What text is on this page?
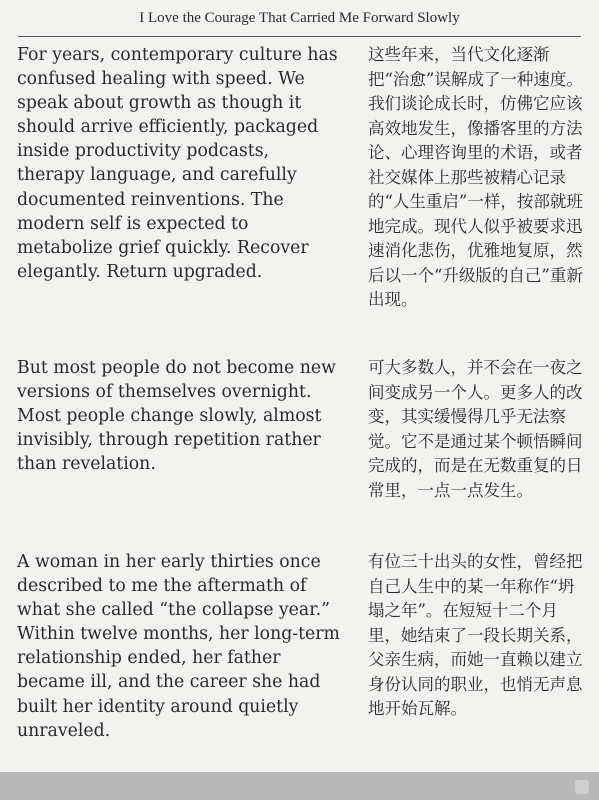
I Love the Courage That Carried Me Forward Slowly
For years, contemporary culture has confused healing with speed. We speak about growth as though it should arrive efficiently, packaged inside productivity podcasts, therapy language, and carefully documented reinventions. The modern self is expected to metabolize grief quickly. Recover elegantly. Return upgraded.
这些年来，当代文化逐渐把“治愈”误解成了一种速度。我们谈论成长时，仿佛它应该高效地发生，像播客里的方法论、心理咨询里的术语，或者社交媒体上那些被精心记录的“人生重启”一样，按部就班地完成。现代人似乎被要求迅速消化悲伤，优雅地复原，然后以一个“升级版的自己”重新出现。
But most people do not become new versions of themselves overnight. Most people change slowly, almost invisibly, through repetition rather than revelation.
可大多数人，并不会在一夜之间变成另一个人。更多人的改变，其实缓慢得几乎无法察觉。它不是通过某个顿悟瞬间完成的，而是在无数重复的日常里，一点一点发生。
A woman in her early thirties once described to me the aftermath of what she called “the collapse year.” Within twelve months, her long-term relationship ended, her father became ill, and the career she had built her identity around quietly unraveled.
有位三十出头的女性，曾经把自己人生中的某一年称作“坍塌之年”。在短短十二个月里，她结束了一段长期关系，父亲生病，而她一直赖以建立身份认同的职业，也悄无声息地开始瓦解。
